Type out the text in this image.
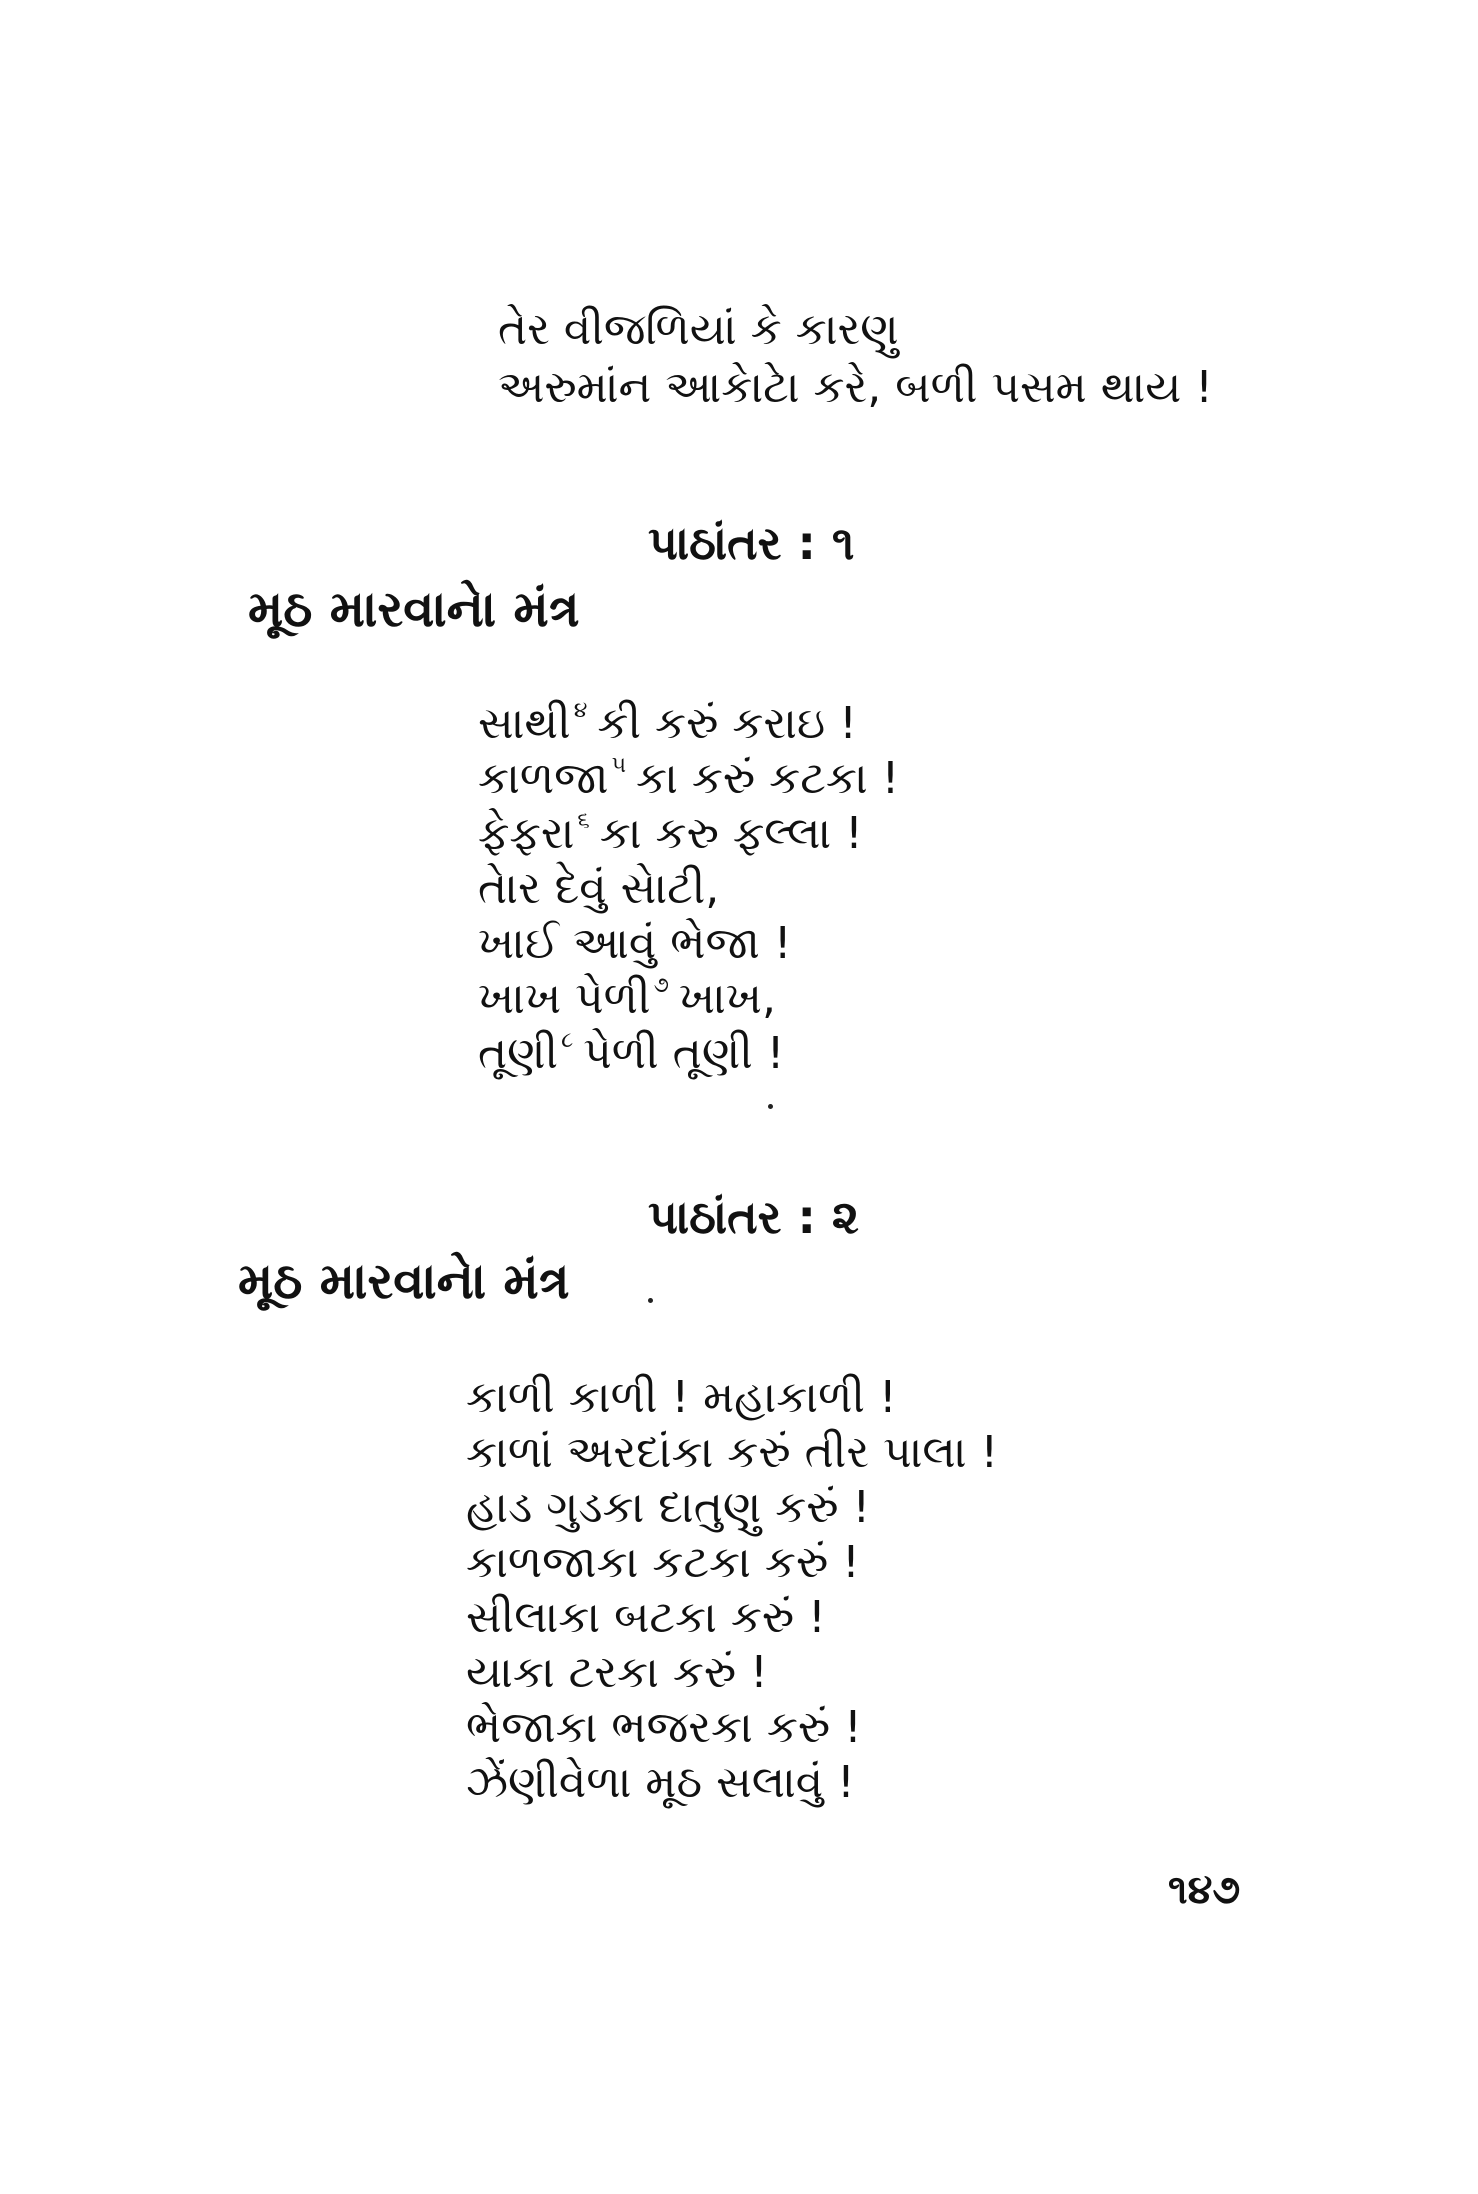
તેર વીજળિયાં કે કારણુ
અરુમાંન આકેાટેા કરે, બળી પસમ થાય !
પાઠાંતર : ૧
મૂઠ મારવાનેા મંત્ર
સાથી$^૪$ કી કરું કરાઇ !
કાળજા$^૫$ કા કરું કટકા !
ફેફરા$^૬$ કા કરુ ફલ્લા !
તેાર દેવું સેાટી,
ખાઈ આવું ભેજા !
ખાખ પેળી$^૭$ ખાખ,
તૂણી$^૮$ પેળી તૂણી !
પાઠાંતર : ૨
મૂઠ મારવાનેા મંત્ર
કાળી કાળી ! મહાકાળી !
કાળાં અરદાંકા કરું તીર પાલા !
હાડ ગુડકા દાતુણુ કરું !
કાળજાકા કટકા કરું !
સીલાકા બટકા કરું !
યાકા ટરકા કરું !
ભેજાકા ભજરકા કરું !
ઝેંણીવેળા મૂઠ સલાવું !
૧૪૭
